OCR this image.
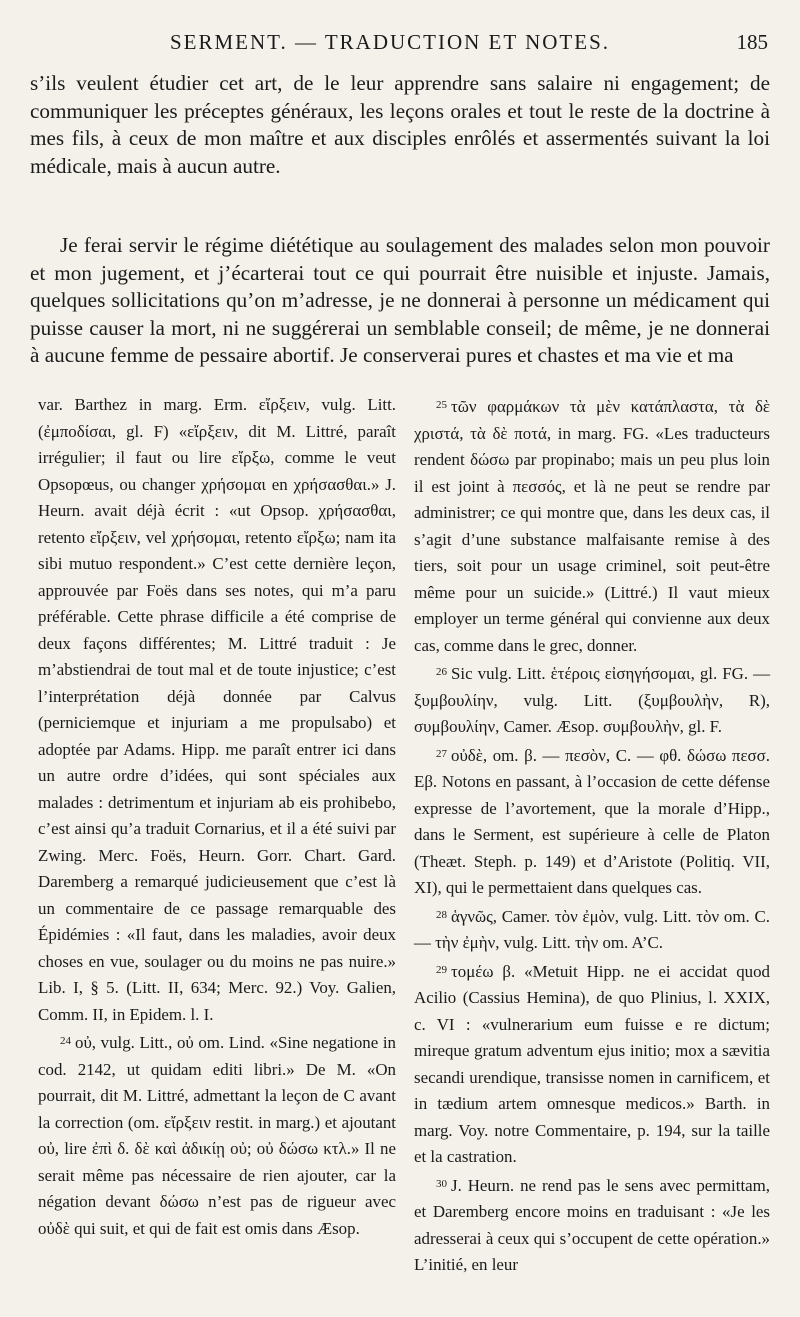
SERMENT. — TRADUCTION ET NOTES.	185

s’ils veulent étudier cet art, de le leur apprendre sans salaire ni engagement; de communiquer les préceptes généraux, les leçons orales et tout le reste de la doctrine à mes fils, à ceux de mon maître et aux disciples enrôlés et assermentés suivant la loi médicale, mais à aucun autre.

Je ferai servir le régime diététique au soulagement des malades selon mon pouvoir et mon jugement, et j’écarterai tout ce qui pourrait être nuisible et injuste. Jamais, quelques sollicitations qu’on m’adresse, je ne donnerai à personne un médicament qui puisse causer la mort, ni ne suggérerai un semblable conseil; de même, je ne donnerai à aucune femme de pessaire abortif. Je conserverai pures et chastes et ma vie et ma

var. Barthez in marg. Erm. εἴρξειν, vulg. Litt. (ἐμποδίσαι, gl. F) «εἴρξειν, dit M. Littré, paraît irrégulier; il faut ou lire εἴρξω, comme le veut Opsopœus, ou changer χρήσομαι en χρήσασθαι.» J. Heurn. avait déjà écrit : «ut Opsop. χρήσασθαι, retento εἴρξειν, vel χρήσομαι, retento εἴρξω; nam ita sibi mutuo respondent.» C’est cette dernière leçon, approuvée par Foës dans ses notes, qui m’a paru préférable. Cette phrase difficile a été comprise de deux façons différentes; M. Littré traduit : Je m’abstiendrai de tout mal et de toute injustice; c’est l’interprétation déjà donnée par Calvus (perniciemque et injuriam a me propulsabo) et adoptée par Adams. Hipp. me paraît entrer ici dans un autre ordre d’idées, qui sont spéciales aux malades : detrimentum et injuriam ab eis prohibebo, c’est ainsi qu’a traduit Cornarius, et il a été suivi par Zwing. Merc. Foës, Heurn. Gorr. Chart. Gard. Daremberg a remarqué judicieusement que c’est là un commentaire de ce passage remarquable des Épidémies : «Il faut, dans les maladies, avoir deux choses en vue, soulager ou du moins ne pas nuire.» Lib. I, § 5. (Litt. II, 634; Merc. 92.) Voy. Galien, Comm. II, in Epidem. l. I.

$^{24}$ οὐ, vulg. Litt., οὐ om. Lind. «Sine negatione in cod. 2142, ut quidam editi libri.» De M. «On pourrait, dit M. Littré, admettant la leçon de C avant la correction (om. εἴρξειν restit. in marg.) et ajoutant οὐ, lire ἐπὶ δ. δὲ καὶ ἀδικίῃ οὐ; οὐ δώσω κτλ.» Il ne serait même pas nécessaire de rien ajouter, car la négation devant δώσω n’est pas de rigueur avec οὐδὲ qui suit, et qui de fait est omis dans Æsop.

$^{25}$ τῶν φαρμάκων τὰ μὲν κατάπλαστα, τὰ δὲ χριστά, τὰ δὲ ποτά, in marg. FG. «Les traducteurs rendent δώσω par propinabo; mais un peu plus loin il est joint à πεσσός, et là ne peut se rendre par administrer; ce qui montre que, dans les deux cas, il s’agit d’une substance malfaisante remise à des tiers, soit pour un usage criminel, soit peut-être même pour un suicide.» (Littré.) Il vaut mieux employer un terme général qui convienne aux deux cas, comme dans le grec, donner.

$^{26}$ Sic vulg. Litt. ἑτέροις εἰσηγήσομαι, gl. FG. — ξυμβουλίην, vulg. Litt. (ξυμβουλὴν, R), συμβουλίην, Camer. Æsop. συμβουλὴν, gl. F.

$^{27}$ οὐδὲ, om. β. — πεσὸν, C. — φθ. δώσω πεσσ. Eβ. Notons en passant, à l’occasion de cette défense expresse de l’avortement, que la morale d’Hipp., dans le Serment, est supérieure à celle de Platon (Theæt. Steph. p. 149) et d’Aristote (Politiq. VII, XI), qui le permettaient dans quelques cas.

$^{28}$ ἁγνῶς, Camer. τὸν ἐμὸν, vulg. Litt. τὸν om. C. — τὴν ἐμὴν, vulg. Litt. τὴν om. A’C.

$^{29}$ τομέω β. «Metuit Hipp. ne ei accidat quod Acilio (Cassius Hemina), de quo Plinius, l. XXIX, c. VI : «vulnerarium eum fuisse e re dictum; mireque gratum adventum ejus initio; mox a sævitia secandi urendique, transisse nomen in carnificem, et in tædium artem omnesque medicos.» Barth. in marg. Voy. notre Commentaire, p. 194, sur la taille et la castration.

$^{30}$ J. Heurn. ne rend pas le sens avec permittam, et Daremberg encore moins en traduisant : «Je les adresserai à ceux qui s’occupent de cette opération.» L’initié, en leur
